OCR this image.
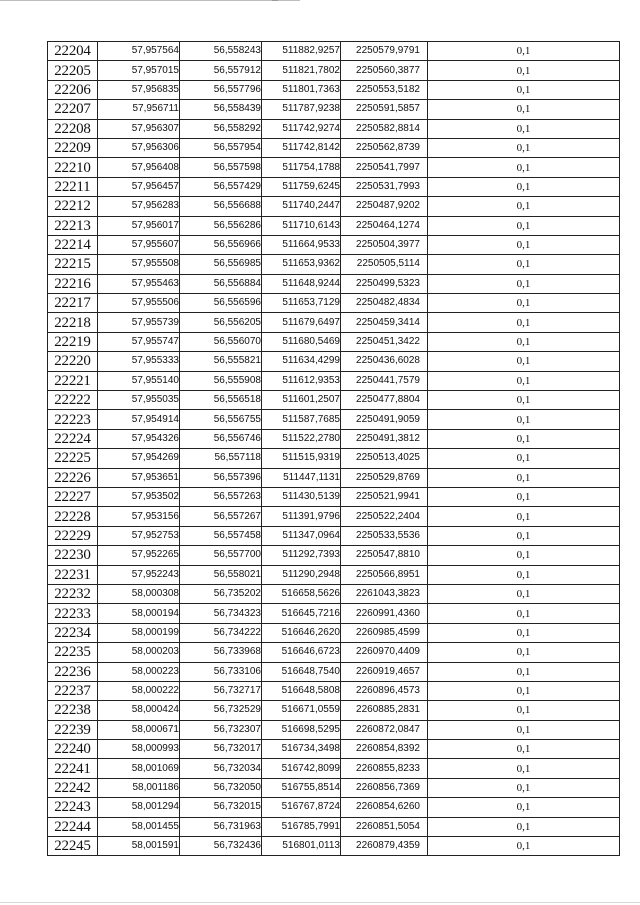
22204	57,957564	56,558243	511882,9257	2250579,9791	0,1
22205	57,957015	56,557912	511821,7802	2250560,3877	0,1
22206	57,956835	56,557796	511801,7363	2250553,5182	0,1
22207	57,956711	56,558439	511787,9238	2250591,5857	0,1
22208	57,956307	56,558292	511742,9274	2250582,8814	0,1
22209	57,956306	56,557954	511742,8142	2250562,8739	0,1
22210	57,956408	56,557598	511754,1788	2250541,7997	0,1
22211	57,956457	56,557429	511759,6245	2250531,7993	0,1
22212	57,956283	56,556688	511740,2447	2250487,9202	0,1
22213	57,956017	56,556286	511710,6143	2250464,1274	0,1
22214	57,955607	56,556966	511664,9533	2250504,3977	0,1
22215	57,955508	56,556985	511653,9362	2250505,5114	0,1
22216	57,955463	56,556884	511648,9244	2250499,5323	0,1
22217	57,955506	56,556596	511653,7129	2250482,4834	0,1
22218	57,955739	56,556205	511679,6497	2250459,3414	0,1
22219	57,955747	56,556070	511680,5469	2250451,3422	0,1
22220	57,955333	56,555821	511634,4299	2250436,6028	0,1
22221	57,955140	56,555908	511612,9353	2250441,7579	0,1
22222	57,955035	56,556518	511601,2507	2250477,8804	0,1
22223	57,954914	56,556755	511587,7685	2250491,9059	0,1
22224	57,954326	56,556746	511522,2780	2250491,3812	0,1
22225	57,954269	56,557118	511515,9319	2250513,4025	0,1
22226	57,953651	56,557396	511447,1131	2250529,8769	0,1
22227	57,953502	56,557263	511430,5139	2250521,9941	0,1
22228	57,953156	56,557267	511391,9796	2250522,2404	0,1
22229	57,952753	56,557458	511347,0964	2250533,5536	0,1
22230	57,952265	56,557700	511292,7393	2250547,8810	0,1
22231	57,952243	56,558021	511290,2948	2250566,8951	0,1
22232	58,000308	56,735202	516658,5626	2261043,3823	0,1
22233	58,000194	56,734323	516645,7216	2260991,4360	0,1
22234	58,000199	56,734222	516646,2620	2260985,4599	0,1
22235	58,000203	56,733968	516646,6723	2260970,4409	0,1
22236	58,000223	56,733106	516648,7540	2260919,4657	0,1
22237	58,000222	56,732717	516648,5808	2260896,4573	0,1
22238	58,000424	56,732529	516671,0559	2260885,2831	0,1
22239	58,000671	56,732307	516698,5295	2260872,0847	0,1
22240	58,000993	56,732017	516734,3498	2260854,8392	0,1
22241	58,001069	56,732034	516742,8099	2260855,8233	0,1
22242	58,001186	56,732050	516755,8514	2260856,7369	0,1
22243	58,001294	56,732015	516767,8724	2260854,6260	0,1
22244	58,001455	56,731963	516785,7991	2260851,5054	0,1
22245	58,001591	56,732436	516801,0113	2260879,4359	0,1
